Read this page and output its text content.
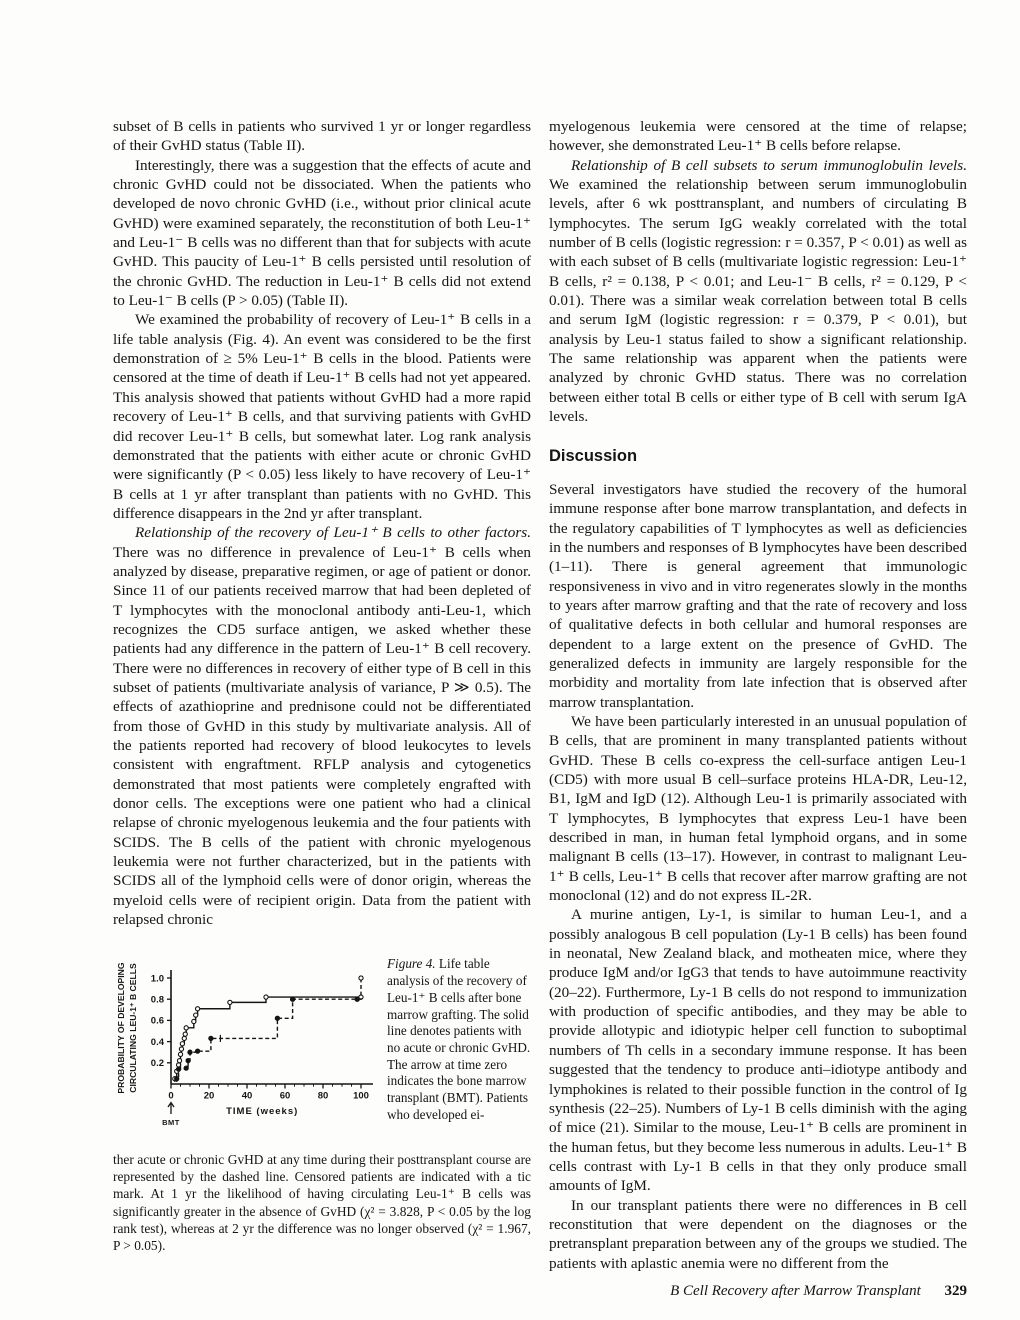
subset of B cells in patients who survived 1 yr or longer regardless of their GvHD status (Table II).

Interestingly, there was a suggestion that the effects of acute and chronic GvHD could not be dissociated. When the patients who developed de novo chronic GvHD (i.e., without prior clinical acute GvHD) were examined separately, the reconstitution of both Leu-1⁺ and Leu-1⁻ B cells was no different than that for subjects with acute GvHD. This paucity of Leu-1⁺ B cells persisted until resolution of the chronic GvHD. The reduction in Leu-1⁺ B cells did not extend to Leu-1⁻ B cells (P > 0.05) (Table II).

We examined the probability of recovery of Leu-1⁺ B cells in a life table analysis (Fig. 4). An event was considered to be the first demonstration of ≥ 5% Leu-1⁺ B cells in the blood. Patients were censored at the time of death if Leu-1⁺ B cells had not yet appeared. This analysis showed that patients without GvHD had a more rapid recovery of Leu-1⁺ B cells, and that surviving patients with GvHD did recover Leu-1⁺ B cells, but somewhat later. Log rank analysis demonstrated that the patients with either acute or chronic GvHD were significantly (P < 0.05) less likely to have recovery of Leu-1⁺ B cells at 1 yr after transplant than patients with no GvHD. This difference disappears in the 2nd yr after transplant.

Relationship of the recovery of Leu-1⁺ B cells to other factors. There was no difference in prevalence of Leu-1⁺ B cells when analyzed by disease, preparative regimen, or age of patient or donor. Since 11 of our patients received marrow that had been depleted of T lymphocytes with the monoclonal antibody anti-Leu-1, which recognizes the CD5 surface antigen, we asked whether these patients had any difference in the pattern of Leu-1⁺ B cell recovery. There were no differences in recovery of either type of B cell in this subset of patients (multivariate analysis of variance, P ≫ 0.5). The effects of azathioprine and prednisone could not be differentiated from those of GvHD in this study by multivariate analysis. All of the patients reported had recovery of blood leukocytes to levels consistent with engraftment. RFLP analysis and cytogenetics demonstrated that most patients were completely engrafted with donor cells. The exceptions were one patient who had a clinical relapse of chronic myelogenous leukemia and the four patients with SCIDS. The B cells of the patient with chronic myelogenous leukemia were not further characterized, but in the patients with SCIDS all of the lymphoid cells were of donor origin, whereas the myeloid cells were of recipient origin. Data from the patient with relapsed chronic

0.2
0.4
0.6
0.8
1.0
0	20	40	60	80	100
TIME (weeks)
PROBABILITY OF DEVELOPING CIRCULATING LEU-1⁺ B CELLS
BMT
Figure 4. Life table analysis of the recovery of Leu-1⁺ B cells after bone marrow grafting. The solid line denotes patients with no acute or chronic GvHD. The arrow at time zero indicates the bone marrow transplant (BMT). Patients who developed ei-
ther acute or chronic GvHD at any time during their posttransplant course are represented by the dashed line. Censored patients are indicated with a tic mark. At 1 yr the likelihood of having circulating Leu-1⁺ B cells was significantly greater in the absence of GvHD (χ² = 3.828, P < 0.05 by the log rank test), whereas at 2 yr the difference was no longer observed (χ² = 1.967, P > 0.05).

myelogenous leukemia were censored at the time of relapse; however, she demonstrated Leu-1⁺ B cells before relapse.

Relationship of B cell subsets to serum immunoglobulin levels. We examined the relationship between serum immunoglobulin levels, after 6 wk posttransplant, and numbers of circulating B lymphocytes. The serum IgG weakly correlated with the total number of B cells (logistic regression: r = 0.357, P < 0.01) as well as with each subset of B cells (multivariate logistic regression: Leu-1⁺ B cells, r² = 0.138, P < 0.01; and Leu-1⁻ B cells, r² = 0.129, P < 0.01). There was a similar weak correlation between total B cells and serum IgM (logistic regression: r = 0.379, P < 0.01), but analysis by Leu-1 status failed to show a significant relationship. The same relationship was apparent when the patients were analyzed by chronic GvHD status. There was no correlation between either total B cells or either type of B cell with serum IgA levels.

Discussion

Several investigators have studied the recovery of the humoral immune response after bone marrow transplantation, and defects in the regulatory capabilities of T lymphocytes as well as deficiencies in the numbers and responses of B lymphocytes have been described (1–11). There is general agreement that immunologic responsiveness in vivo and in vitro regenerates slowly in the months to years after marrow grafting and that the rate of recovery and loss of qualitative defects in both cellular and humoral responses are dependent to a large extent on the presence of GvHD. The generalized defects in immunity are largely responsible for the morbidity and mortality from late infection that is observed after marrow transplantation.

We have been particularly interested in an unusual population of B cells, that are prominent in many transplanted patients without GvHD. These B cells co-express the cell-surface antigen Leu-1 (CD5) with more usual B cell–surface proteins HLA-DR, Leu-12, B1, IgM and IgD (12). Although Leu-1 is primarily associated with T lymphocytes, B lymphocytes that express Leu-1 have been described in man, in human fetal lymphoid organs, and in some malignant B cells (13–17). However, in contrast to malignant Leu-1⁺ B cells, Leu-1⁺ B cells that recover after marrow grafting are not monoclonal (12) and do not express IL-2R.

A murine antigen, Ly-1, is similar to human Leu-1, and a possibly analogous B cell population (Ly-1 B cells) has been found in neonatal, New Zealand black, and motheaten mice, where they produce IgM and/or IgG3 that tends to have autoimmune reactivity (20–22). Furthermore, Ly-1 B cells do not respond to immunization with production of specific antibodies, and they may be able to provide allotypic and idiotypic helper cell function to suboptimal numbers of Th cells in a secondary immune response. It has been suggested that the tendency to produce anti–idiotype antibody and lymphokines is related to their possible function in the control of Ig synthesis (22–25). Numbers of Ly-1 B cells diminish with the aging of mice (21). Similar to the mouse, Leu-1⁺ B cells are prominent in the human fetus, but they become less numerous in adults. Leu-1⁺ B cells contrast with Ly-1 B cells in that they only produce small amounts of IgM.

In our transplant patients there were no differences in B cell reconstitution that were dependent on the diagnoses or the pretransplant preparation between any of the groups we studied. The patients with aplastic anemia were no different from the

B Cell Recovery after Marrow Transplant 329
